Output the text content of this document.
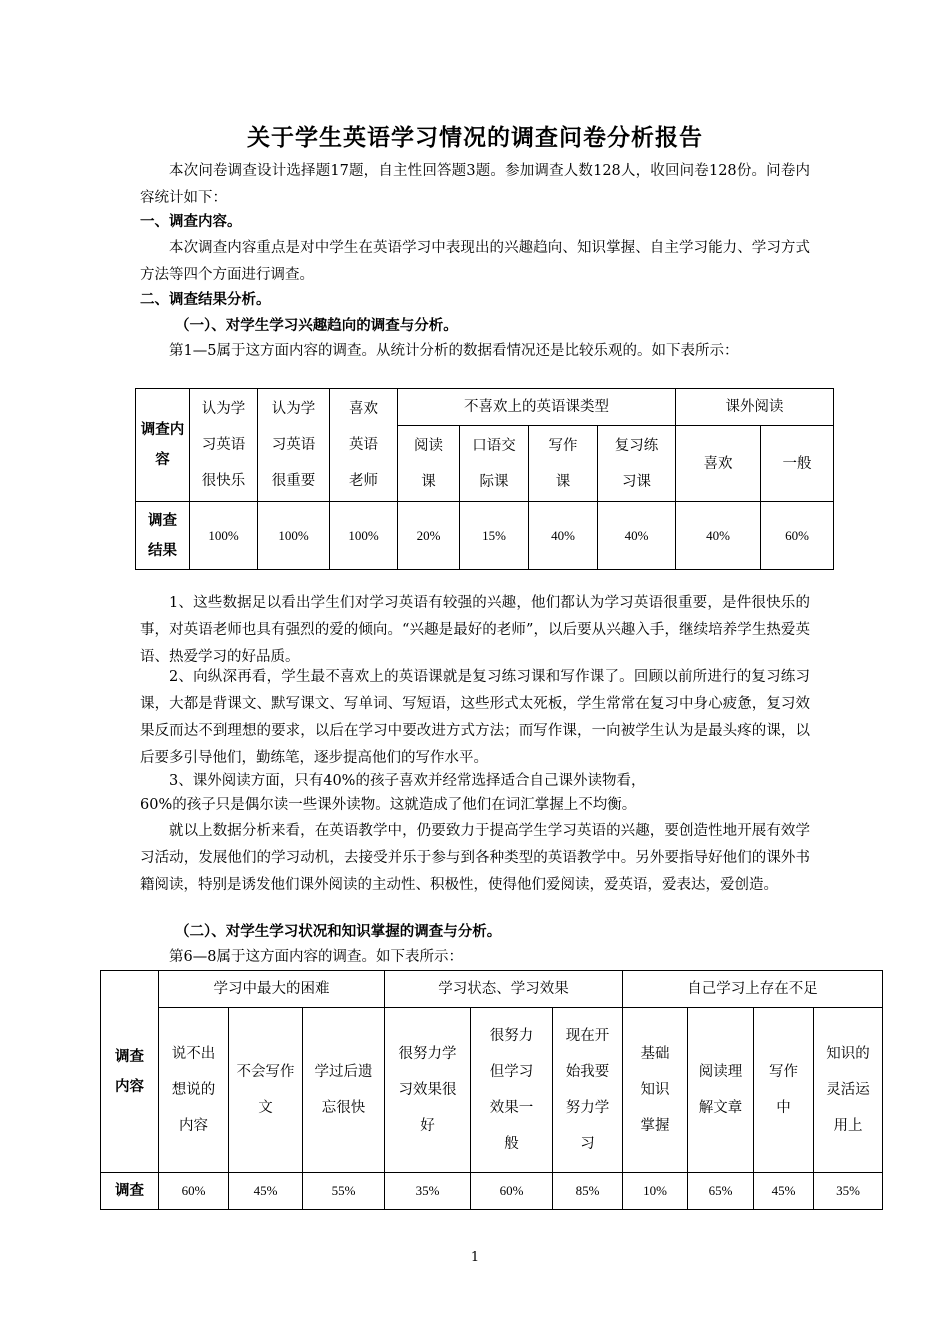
关于学生英语学习情况的调查问卷分析报告

本次问卷调查设计选择题17题，自主性回答题3题。参加调查人数128人，收回问卷128份。问卷内容统计如下：

一、调查内容。

本次调查内容重点是对中学生在英语学习中表现出的兴趣趋向、知识掌握、自主学习能力、学习方式方法等四个方面进行调查。

二、调查结果分析。

（一）、对学生学习兴趣趋向的调查与分析。

第1—5属于这方面内容的调查。从统计分析的数据看情况还是比较乐观的。如下表所示：

调查内容	认为学习英语很快乐	认为学习英语很重要	喜欢英语老师	不喜欢上的英语课类型				课外阅读	
				阅读课	口语交际课	写作课	复习练习课	喜欢	一般
调查结果	100%	100%	100%	20%	15%	40%	40%	40%	60%

1、这些数据足以看出学生们对学习英语有较强的兴趣，他们都认为学习英语很重要，是件很快乐的事，对英语老师也具有强烈的爱的倾向。“兴趣是最好的老师”，以后要从兴趣入手，继续培养学生热爱英语、热爱学习的好品质。

2、向纵深再看，学生最不喜欢上的英语课就是复习练习课和写作课了。回顾以前所进行的复习练习课，大都是背课文、默写课文、写单词、写短语，这些形式太死板，学生常常在复习中身心疲惫，复习效果反而达不到理想的要求，以后在学习中要改进方式方法；而写作课，一向被学生认为是最头疼的课，以后要多引导他们，勤练笔，逐步提高他们的写作水平。

3、课外阅读方面，只有40%的孩子喜欢并经常选择适合自己课外读物看，

60%的孩子只是偶尔读一些课外读物。这就造成了他们在词汇掌握上不均衡。

就以上数据分析来看，在英语教学中，仍要致力于提高学生学习英语的兴趣，要创造性地开展有效学习活动，发展他们的学习动机，去接受并乐于参与到各种类型的英语教学中。另外要指导好他们的课外书籍阅读，特别是诱发他们课外阅读的主动性、积极性，使得他们爱阅读，爱英语，爱表达，爱创造。

（二）、对学生学习状况和知识掌握的调查与分析。

第6—8属于这方面内容的调查。如下表所示：

调查内容	学习中最大的困难			学习状态、学习效果			自己学习上存在不足			
	说不出想说的内容	不会写作文	学过后遗忘很快	很努力学习效果很好	很努力但学习效果一般	现在开始我要努力学习	基础知识掌握	阅读理解文章	写作中	知识的灵活运用上
调查	60%	45%	55%	35%	60%	85%	10%	65%	45%	35%
1
